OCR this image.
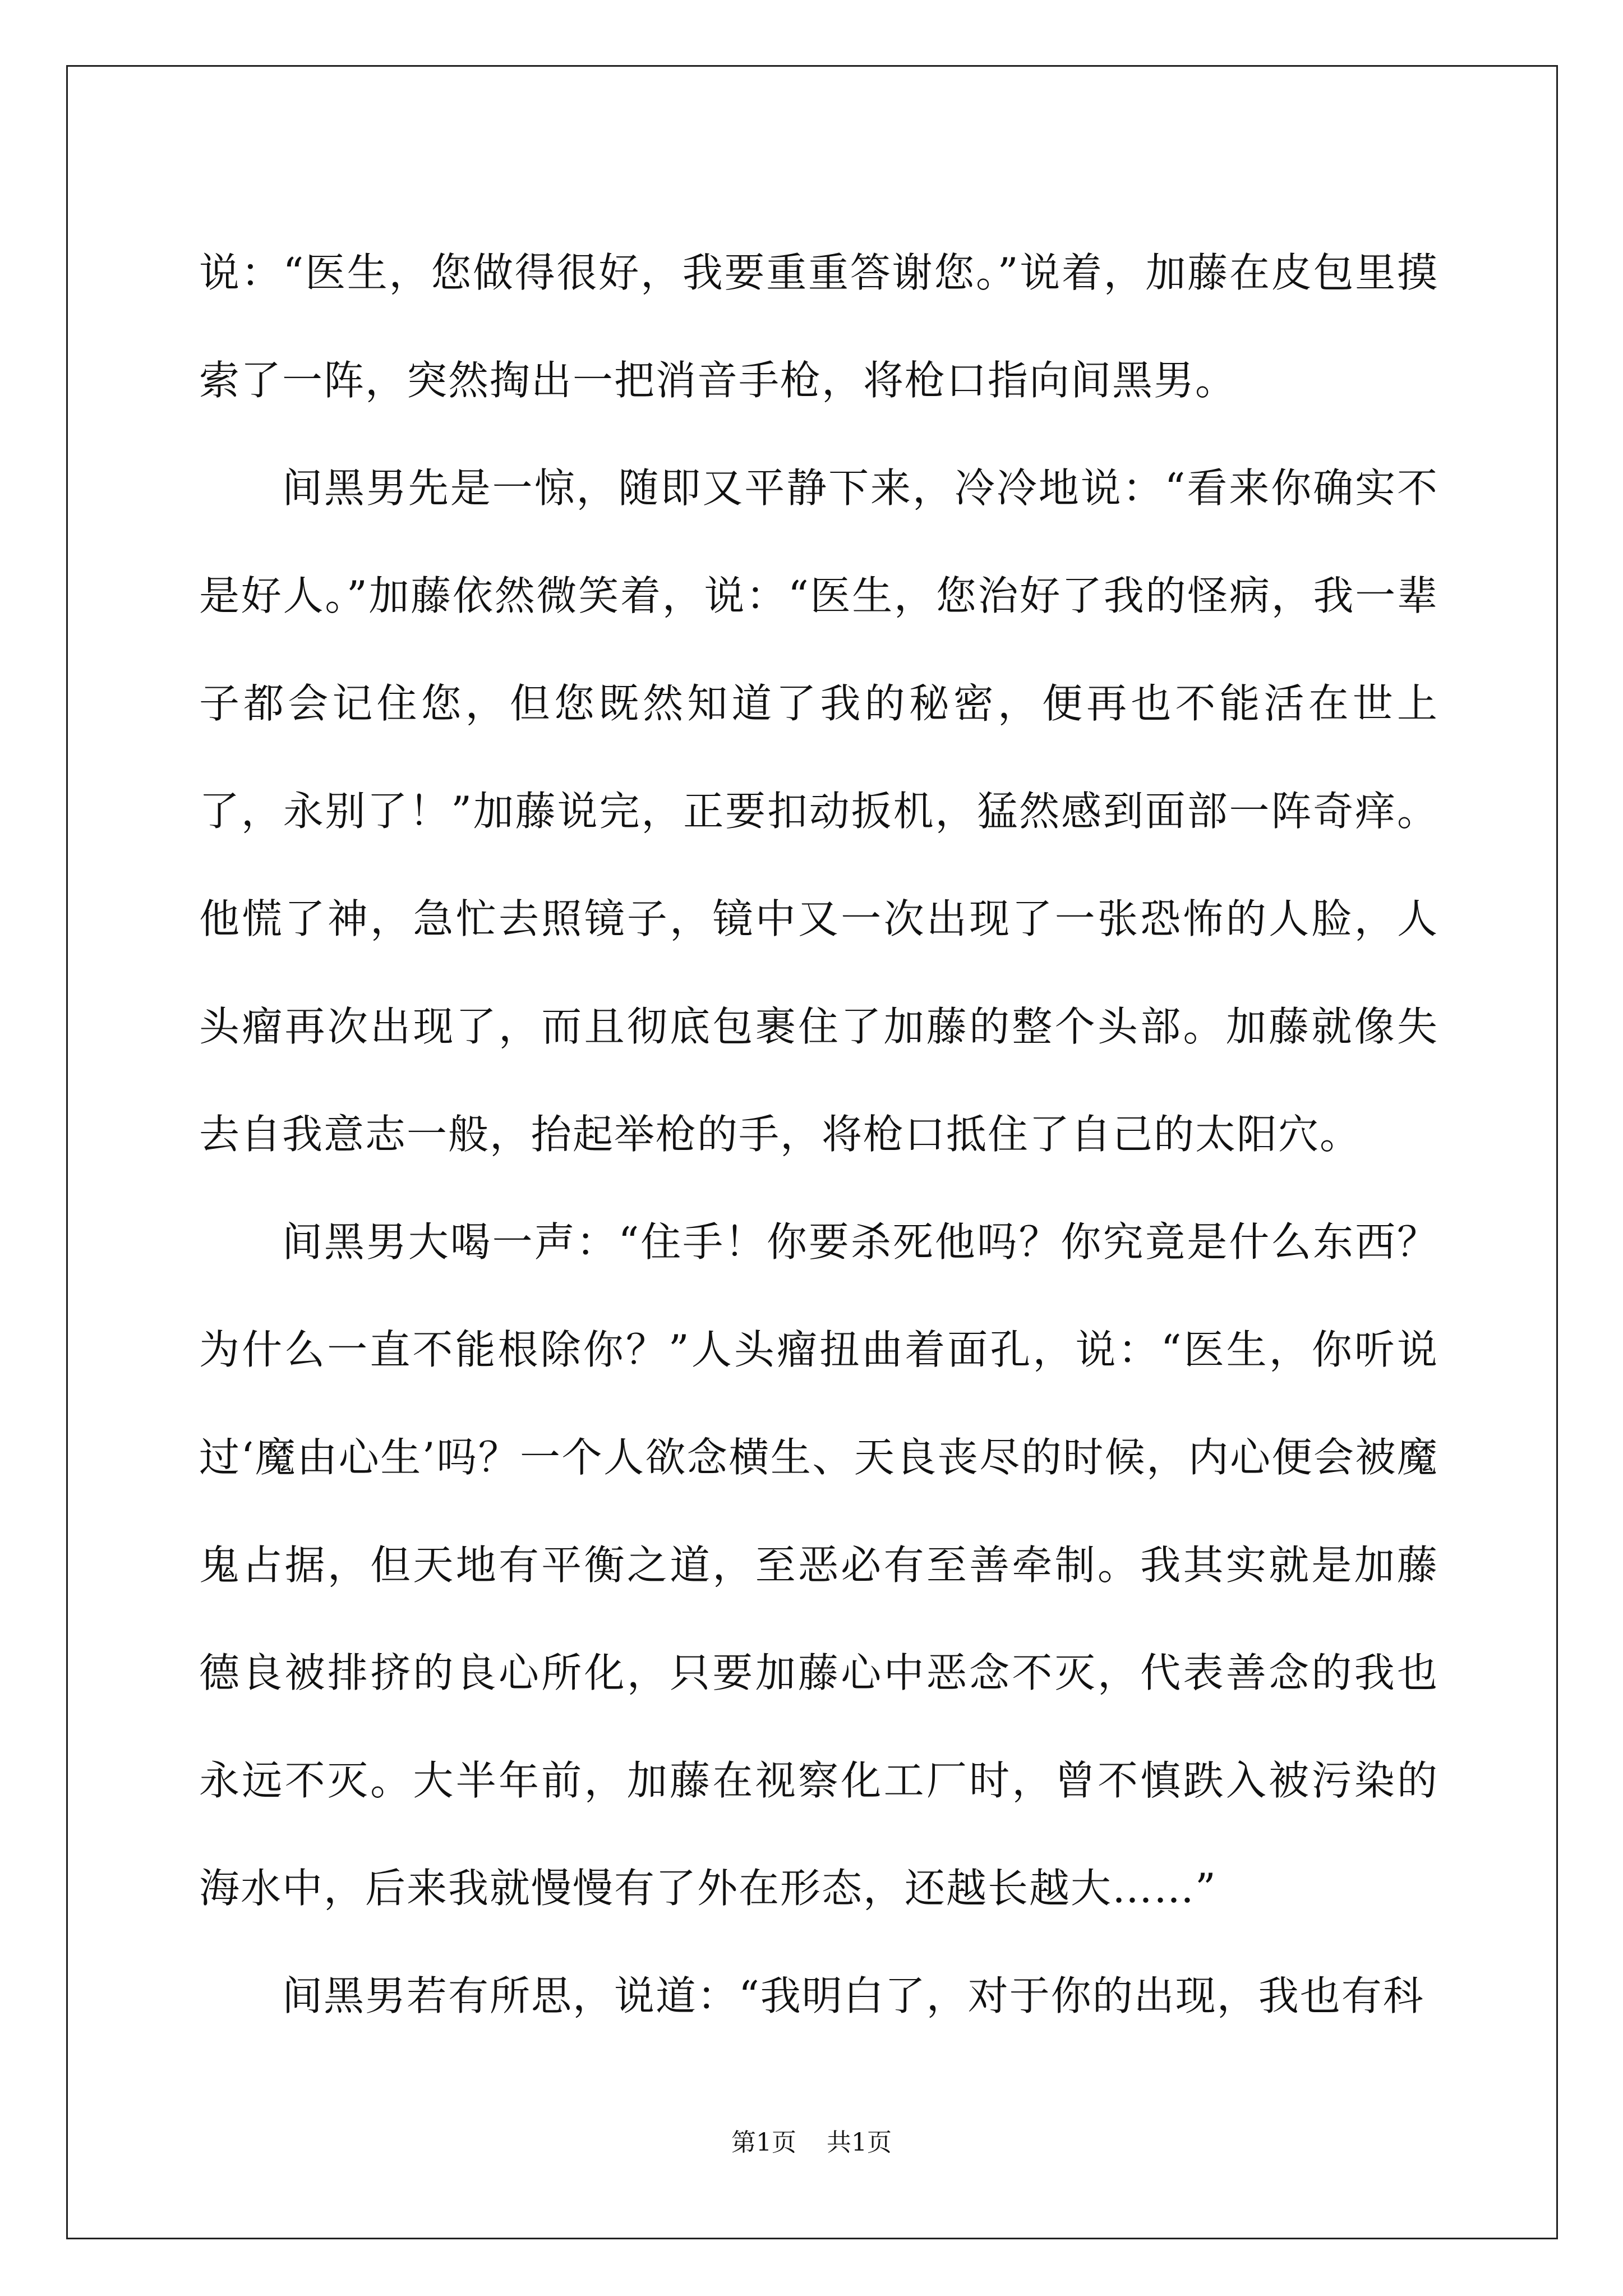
说：“医生，您做得很好，我要重重答谢您。”说着，加藤在皮包里摸索了一阵，突然掏出一把消音手枪，将枪口指向间黑男。

间黑男先是一惊，随即又平静下来，冷冷地说：“看来你确实不是好人。”加藤依然微笑着，说：“医生，您治好了我的怪病，我一辈子都会记住您，但您既然知道了我的秘密，便再也不能活在世上了，永别了！”加藤说完，正要扣动扳机，猛然感到面部一阵奇痒。他慌了神，急忙去照镜子，镜中又一次出现了一张恐怖的人脸，人头瘤再次出现了，而且彻底包裹住了加藤的整个头部。加藤就像失去自我意志一般，抬起举枪的手，将枪口抵住了自己的太阳穴。

间黑男大喝一声：“住手！你要杀死他吗？你究竟是什么东西？为什么一直不能根除你？”人头瘤扭曲着面孔，说：“医生，你听说过‘魔由心生’吗？一个人欲念横生、天良丧尽的时候，内心便会被魔鬼占据，但天地有平衡之道，至恶必有至善牵制。我其实就是加藤德良被排挤的良心所化，只要加藤心中恶念不灭，代表善念的我也永远不灭。大半年前，加藤在视察化工厂时，曾不慎跌入被污染的海水中，后来我就慢慢有了外在形态，还越长越大……”

间黑男若有所思，说道：“我明白了，对于你的出现，我也有科

第1页 共1页
